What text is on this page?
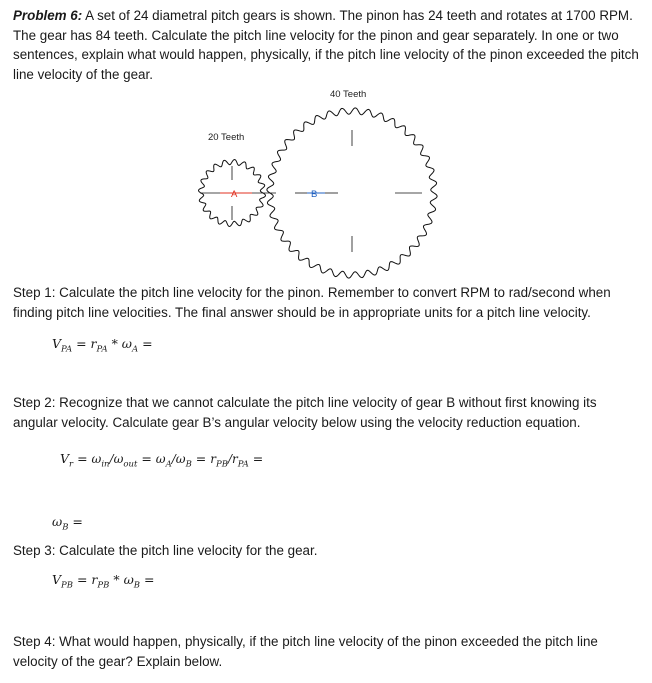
Problem 6: A set of 24 diametral pitch gears is shown. The pinon has 24 teeth and rotates at 1700 RPM. The gear has 84 teeth. Calculate the pitch line velocity for the pinon and gear separately. In one or two sentences, explain what would happen, physically, if the pitch line velocity of the pinon exceeded the pitch line velocity of the gear.
A	B
20 Teeth
40 Teeth
Step 1: Calculate the pitch line velocity for the pinon. Remember to convert RPM to rad/second when finding pitch line velocities. The final answer should be in appropriate units for a pitch line velocity.
$V_{PA} = r_{PA} * \omega_A$ =
Step 2: Recognize that we cannot calculate the pitch line velocity of gear B without first knowing its angular velocity. Calculate gear B’s angular velocity below using the velocity reduction equation.
$V_r = \omega_{in}/\omega_{out} = \omega_A/\omega_B = r_{PB}/r_{PA}$ =
$\omega_B$ =
Step 3: Calculate the pitch line velocity for the gear.
$V_{PB} = r_{PB} * \omega_B$ =
Step 4: What would happen, physically, if the pitch line velocity of the pinon exceeded the pitch line velocity of the gear? Explain below.
